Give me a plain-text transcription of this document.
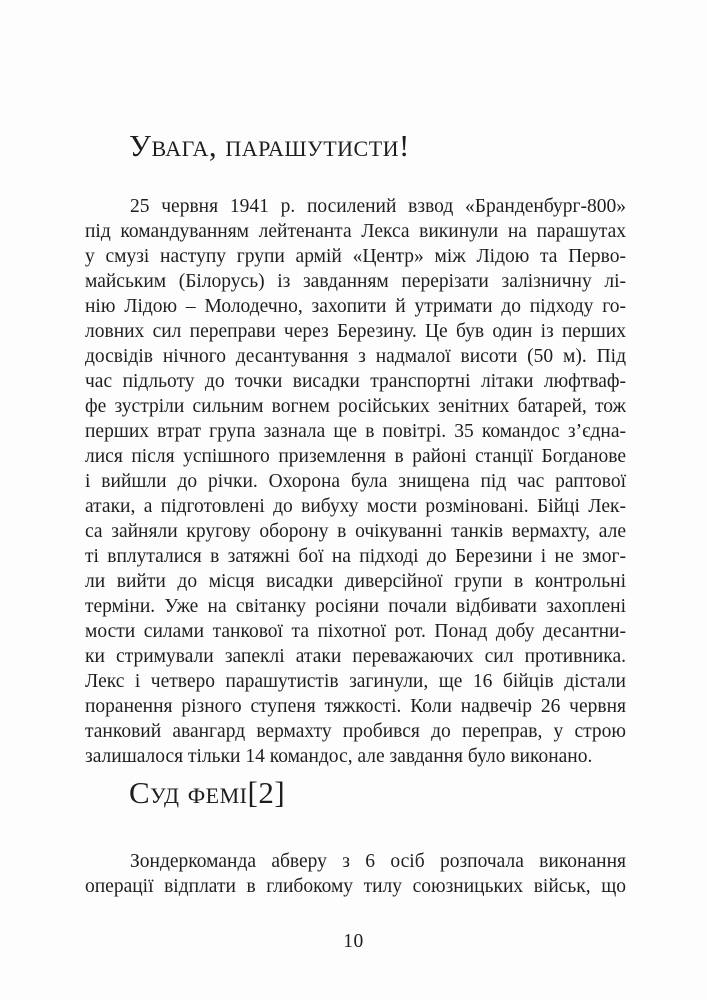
Увага, парашутисти!
25 червня 1941 р. посилений взвод «Бранденбург-800»
під командуванням лейтенанта Лекса викинули на парашутах
у смузі наступу групи армій «Центр» між Лідою та Перво-
майським (Білорусь) із завданням перерізати залізничну лі-
нію Лідою – Молодечно, захопити й утримати до підходу го-
ловних сил переправи через Березину. Це був один із перших
досвідів нічного десантування з надмалої висоти (50 м). Під
час підльоту до точки висадки транспортні літаки люфтваф-
фе зустріли сильним вогнем російських зенітних батарей, тож
перших втрат група зазнала ще в повітрі. 35 командос з’єдна-
лися після успішного приземлення в районі станції Богданове
і вийшли до річки. Охорона була знищена під час раптової
атаки, а підготовлені до вибуху мости розміновані. Бійці Лек-
са зайняли кругову оборону в очікуванні танків вермахту, але
ті вплуталися в затяжні бої на підході до Березини і не змог-
ли вийти до місця висадки диверсійної групи в контрольні
терміни. Уже на світанку росіяни почали відбивати захоплені
мости силами танкової та піхотної рот. Понад добу десантни-
ки стримували запеклі атаки переважаючих сил противника.
Лекс і четверо парашутистів загинули, ще 16 бійців дістали
поранення різного ступеня тяжкості. Коли надвечір 26 червня
танковий авангард вермахту пробився до переправ, у строю
залишалося тільки 14 командос, але завдання було виконано.
Суд фемі[2]
Зондеркоманда абверу з 6 осіб розпочала виконання
операції відплати в глибокому тилу союзницьких військ, що
10
